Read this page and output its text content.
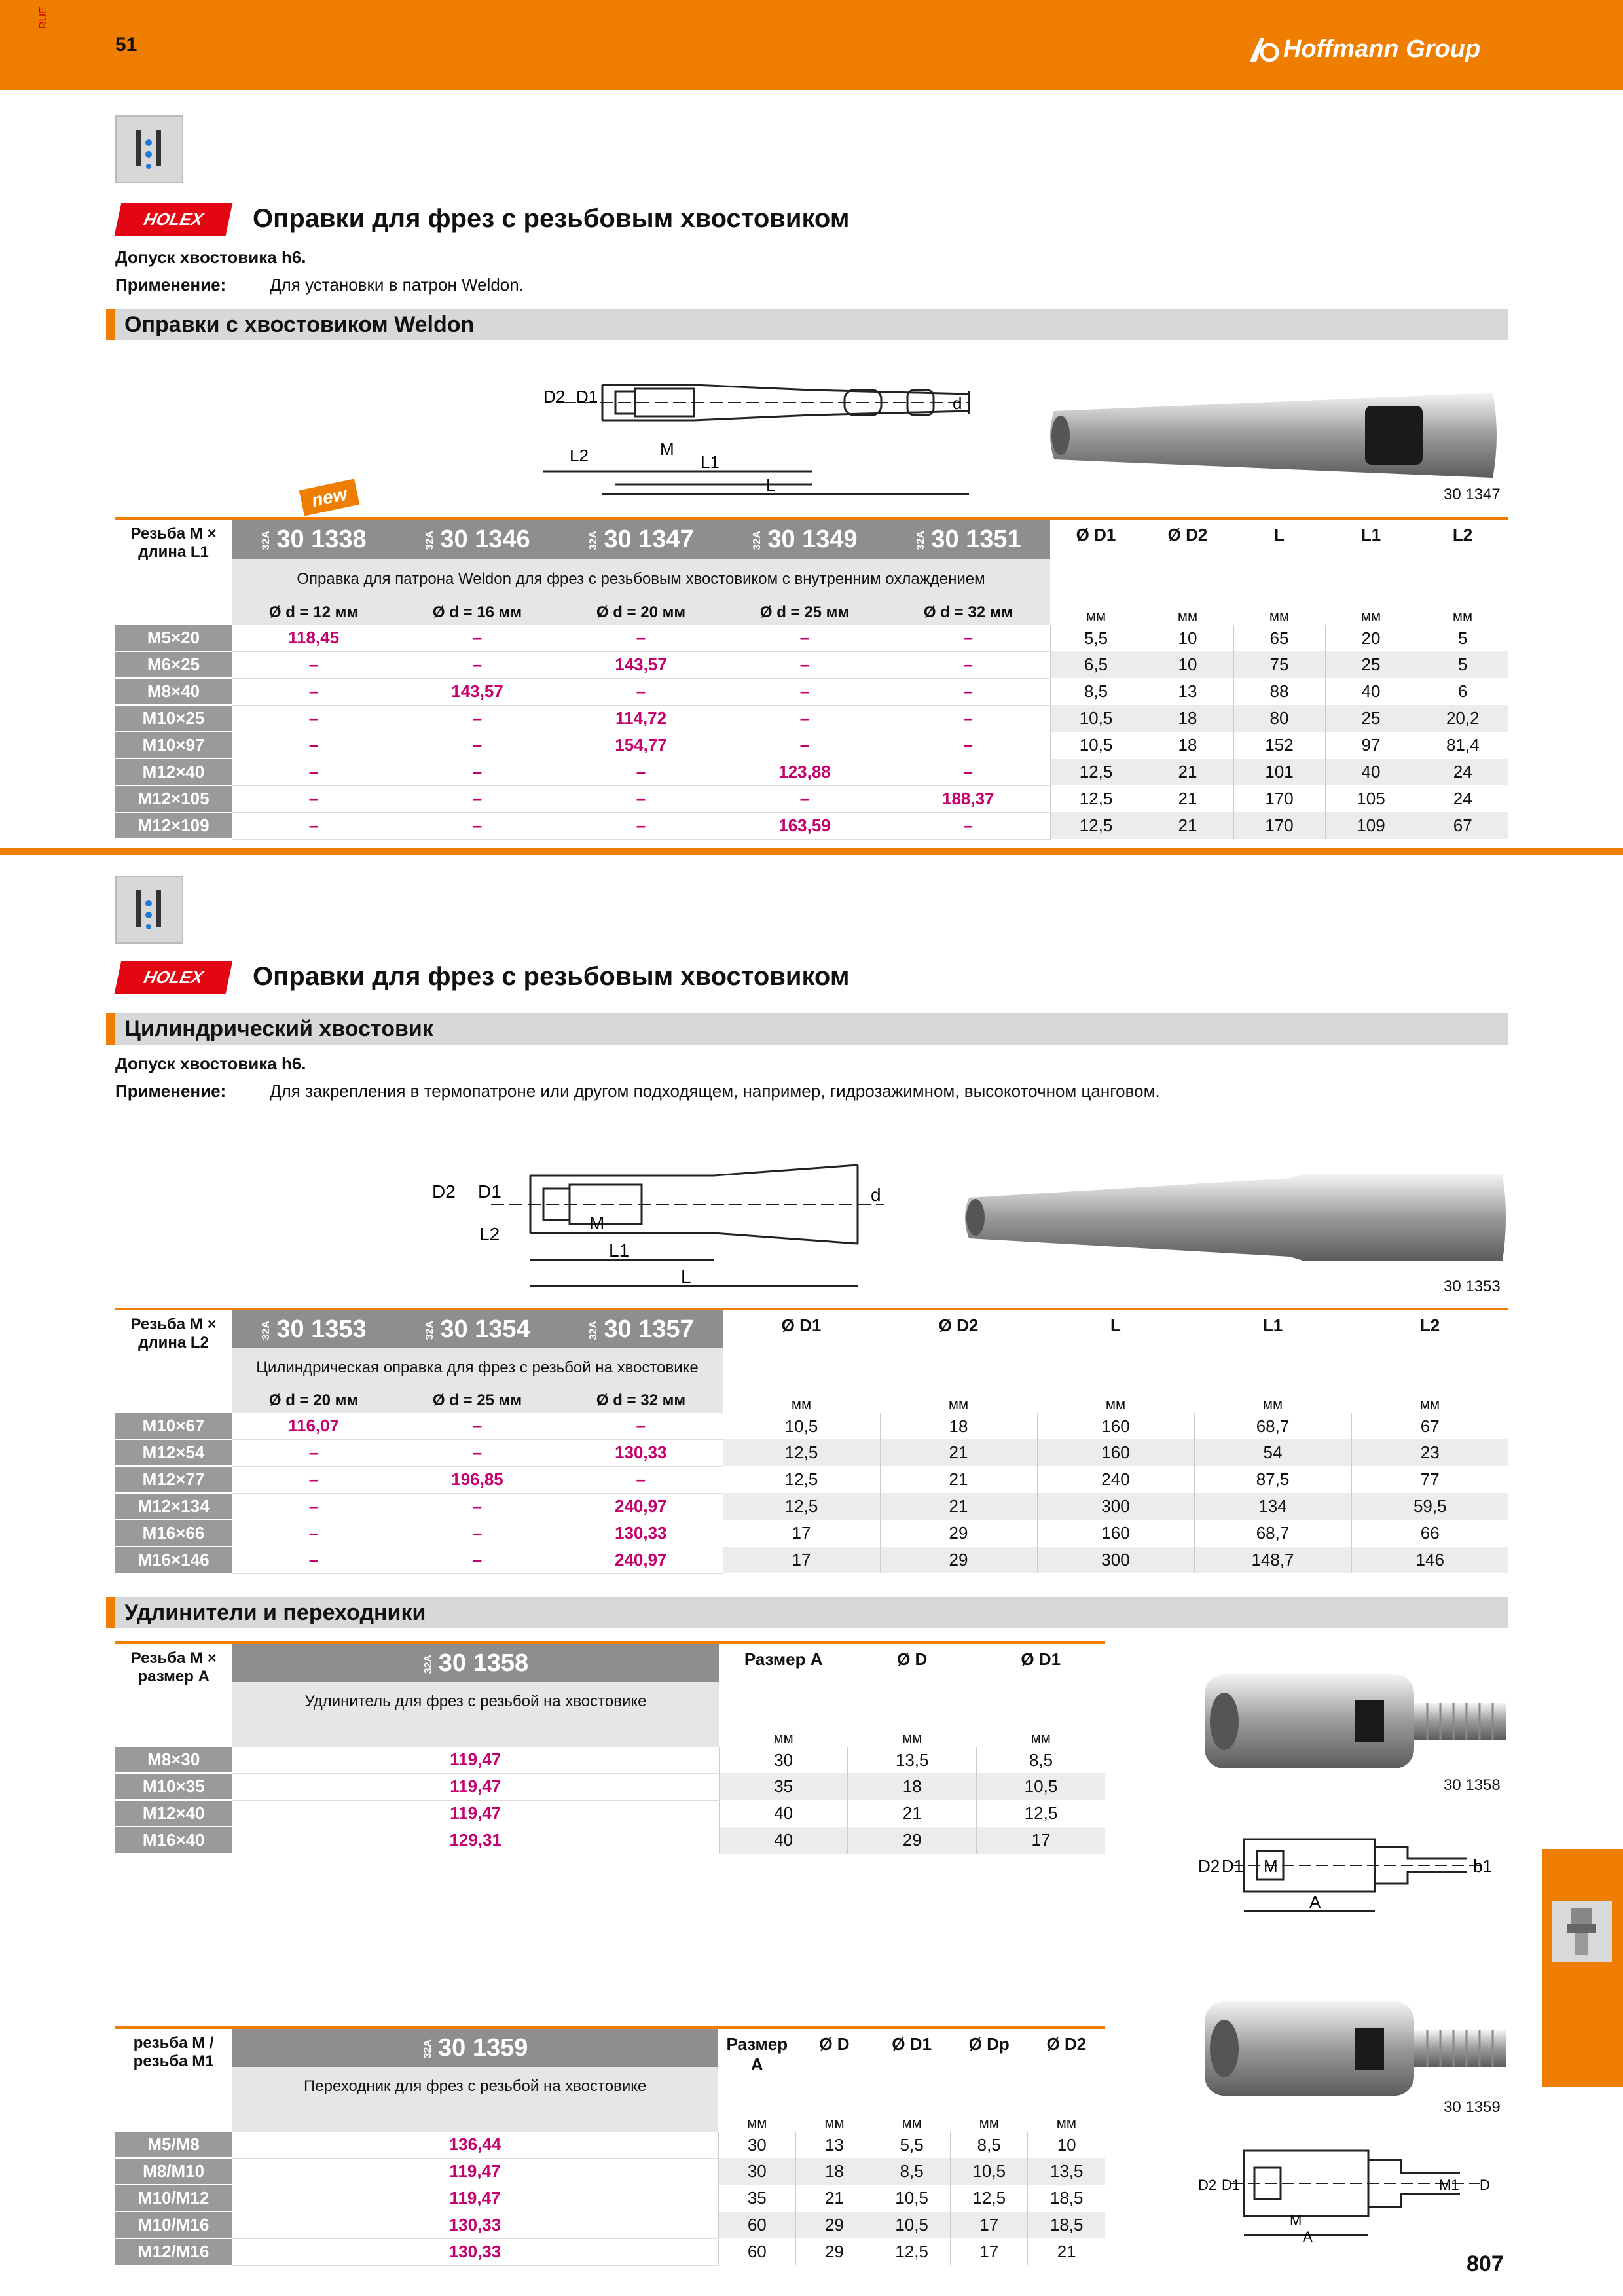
RUE
51	Hoffmann Group
HOLEX	Оправки для фрез с резьбовым хвостовиком
Допуск хвостовика h6.
Применение:	Для установки в патрон Weldon.
Оправки с хвостовиком Weldon
D2 D1
M
L2	L1
L
d
30 1347
new
Резьба M × длина L1	32A 30 1338	32A 30 1346	32A 30 1347	32A 30 1349	32A 30 1351	Ø D1	Ø D2	L	L1	L2
	Оправка для патрона Weldon для фрез с резьбовым хвостовиком с внутренним охлаждением									
	Ø d = 12 мм	Ø d = 16 мм	Ø d = 20 мм	Ø d = 25 мм	Ø d = 32 мм	мм	мм	мм	мм	мм
M5×20	118,45	–	–	–	–	5,5	10	65	20	5
M6×25	–	–	143,57	–	–	6,5	10	75	25	5
M8×40	–	143,57	–	–	–	8,5	13	88	40	6
M10×25	–	–	114,72	–	–	10,5	18	80	25	20,2
M10×97	–	–	154,77	–	–	10,5	18	152	97	81,4
M12×40	–	–	–	123,88	–	12,5	21	101	40	24
M12×105	–	–	–	–	188,37	12,5	21	170	105	24
M12×109	–	–	–	163,59	–	12,5	21	170	109	67
HOLEX	Оправки для фрез с резьбовым хвостовиком
Цилиндрический хвостовик
Допуск хвостовика h6.
Применение:	Для закрепления в термопатроне или другом подходящем, например, гидрозажимном, высокоточном цанговом.
D2 D1
M
L2
L1
L
d
30 1353
Резьба M × длина L2	32A 30 1353	32A 30 1354	32A 30 1357	Ø D1	Ø D2	L	L1	L2
	Цилиндрическая оправка для фрез с резьбой на хвостовике							
	Ø d = 20 мм	Ø d = 25 мм	Ø d = 32 мм	мм	мм	мм	мм	мм
M10×67	116,07	–	–	10,5	18	160	68,7	67
M12×54	–	–	130,33	12,5	21	160	54	23
M12×77	–	196,85	–	12,5	21	240	87,5	77
M12×134	–	–	240,97	12,5	21	300	134	59,5
M16×66	–	–	130,33	17	29	160	68,7	66
M16×146	–	–	240,97	17	29	300	148,7	146
Удлинители и переходники
Резьба M × размер A	32A 30 1358	Размер A	Ø D	Ø D1
	Удлинитель для фрез с резьбой на хвостовике			
		мм	мм	мм
M8×30	119,47	30	13,5	8,5
M10×35	119,47	35	18	10,5
M12×40	119,47	40	21	12,5
M16×40	129,31	40	29	17
30 1358
D2 D1 M
A
b1
резьба M / резьба M1	32A 30 1359	Размер A	Ø D	Ø D1	Ø Dp	Ø D2
	Переходник для фрез с резьбой на хвостовике					
		мм	мм	мм	мм	мм
M5/M8	136,44	30	13	5,5	8,5	10
M8/M10	119,47	30	18	8,5	10,5	13,5
M10/M12	119,47	35	21	10,5	12,5	18,5
M10/M16	130,33	60	29	10,5	17	18,5
M12/M16	130,33	60	29	12,5	17	21
30 1359
D2 D1
M
A
M1 D
807
